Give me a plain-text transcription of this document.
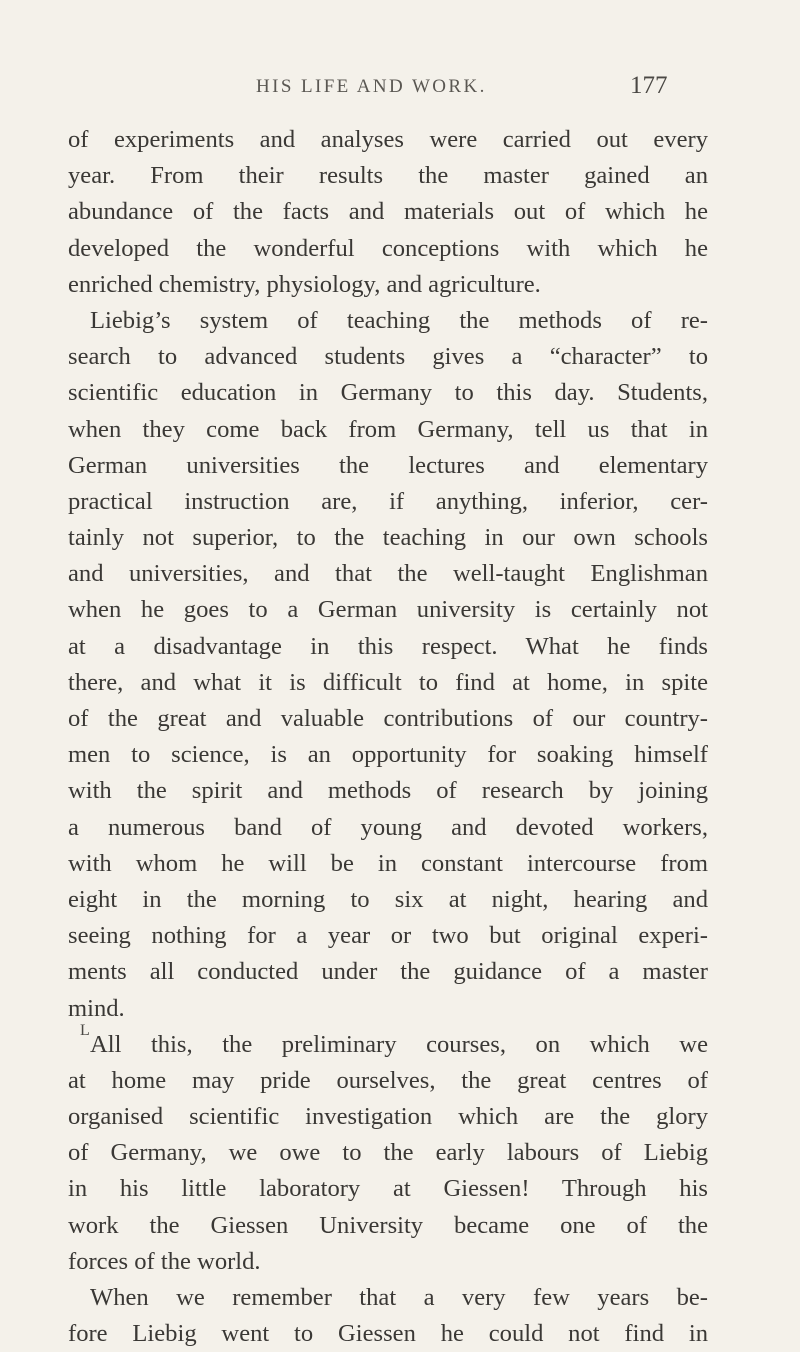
HIS LIFE AND WORK.	177
of experiments and analyses were carried out every
year. From their results the master gained an
abundance of the facts and materials out of which he
developed the wonderful conceptions with which he
enriched chemistry, physiology, and agriculture.
Liebig’s system of teaching the methods of re-
search to advanced students gives a “character” to
scientific education in Germany to this day. Students,
when they come back from Germany, tell us that in
German universities the lectures and elementary
practical instruction are, if anything, inferior, cer-
tainly not superior, to the teaching in our own schools
and universities, and that the well-taught Englishman
when he goes to a German university is certainly not
at a disadvantage in this respect. What he finds
there, and what it is difficult to find at home, in spite
of the great and valuable contributions of our country-
men to science, is an opportunity for soaking himself
with the spirit and methods of research by joining
a numerous band of young and devoted workers,
with whom he will be in constant intercourse from
eight in the morning to six at night, hearing and
seeing nothing for a year or two but original experi-
ments all conducted under the guidance of a master
mind.
All this, the preliminary courses, on which we
at home may pride ourselves, the great centres of
organised scientific investigation which are the glory
of Germany, we owe to the early labours of Liebig
in his little laboratory at Giessen! Through his
work the Giessen University became one of the
forces of the world.
When we remember that a very few years be-
fore Liebig went to Giessen he could not find in
L
